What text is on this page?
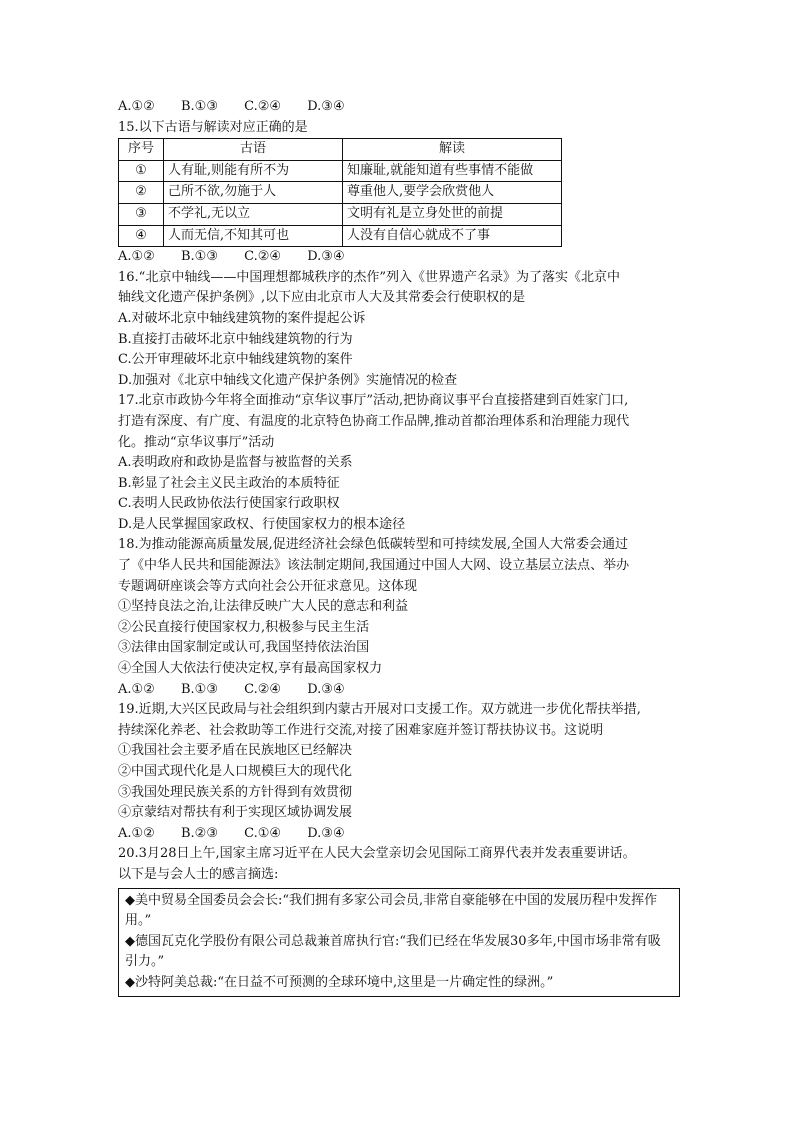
A.①② B.①③ C.②④ D.③④
15.以下古语与解读对应正确的是
序号	古语	解读
①	人有耻,则能有所不为	知廉耻,就能知道有些事情不能做
②	己所不欲,勿施于人	尊重他人,要学会欣赏他人
③	不学礼,无以立	文明有礼是立身处世的前提
④	人而无信,不知其可也	人没有自信心就成不了事
A.①② B.①③ C.②④ D.③④
16.“北京中轴线——中国理想都城秩序的杰作”列入《世界遗产名录》为了落实《北京中
轴线文化遗产保护条例》,以下应由北京市人大及其常委会行使职权的是
A.对破坏北京中轴线建筑物的案件提起公诉
B.直接打击破坏北京中轴线建筑物的行为
C.公开审理破坏北京中轴线建筑物的案件
D.加强对《北京中轴线文化遗产保护条例》实施情况的检查
17.北京市政协今年将全面推动“京华议事厅”活动,把协商议事平台直接搭建到百姓家门口,
打造有深度、有广度、有温度的北京特色协商工作品牌,推动首都治理体系和治理能力现代
化。推动“京华议事厅”活动
A.表明政府和政协是监督与被监督的关系
B.彰显了社会主义民主政治的本质特征
C.表明人民政协依法行使国家行政职权
D.是人民掌握国家政权、行使国家权力的根本途径
18.为推动能源高质量发展,促进经济社会绿色低碳转型和可持续发展,全国人大常委会通过
了《中华人民共和国能源法》该法制定期间,我国通过中国人大网、设立基层立法点、举办
专题调研座谈会等方式向社会公开征求意见。这体现
①坚持良法之治,让法律反映广大人民的意志和利益
②公民直接行使国家权力,积极参与民主生活
③法律由国家制定或认可,我国坚持依法治国
④全国人大依法行使决定权,享有最高国家权力
A.①② B.①③ C.②④ D.③④
19.近期,大兴区民政局与社会组织到内蒙古开展对口支援工作。双方就进一步优化帮扶举措,
持续深化养老、社会救助等工作进行交流,对接了困难家庭并签订帮扶协议书。这说明
①我国社会主要矛盾在民族地区已经解决
②中国式现代化是人口规模巨大的现代化
③我国处理民族关系的方针得到有效贯彻
④京蒙结对帮扶有利于实现区域协调发展
A.①② B.②③ C.①④ D.③④
20.3月28日上午,国家主席习近平在人民大会堂亲切会见国际工商界代表并发表重要讲话。
以下是与会人士的感言摘选:

◆美中贸易全国委员会会长:“我们拥有多家公司会员,非常自豪能够在中国的发展历程中发挥作用。”

◆德国瓦克化学股份有限公司总裁兼首席执行官:“我们已经在华发展30多年,中国市场非常有吸引力。”

◆沙特阿美总裁:“在日益不可预测的全球环境中,这里是一片确定性的绿洲。”
